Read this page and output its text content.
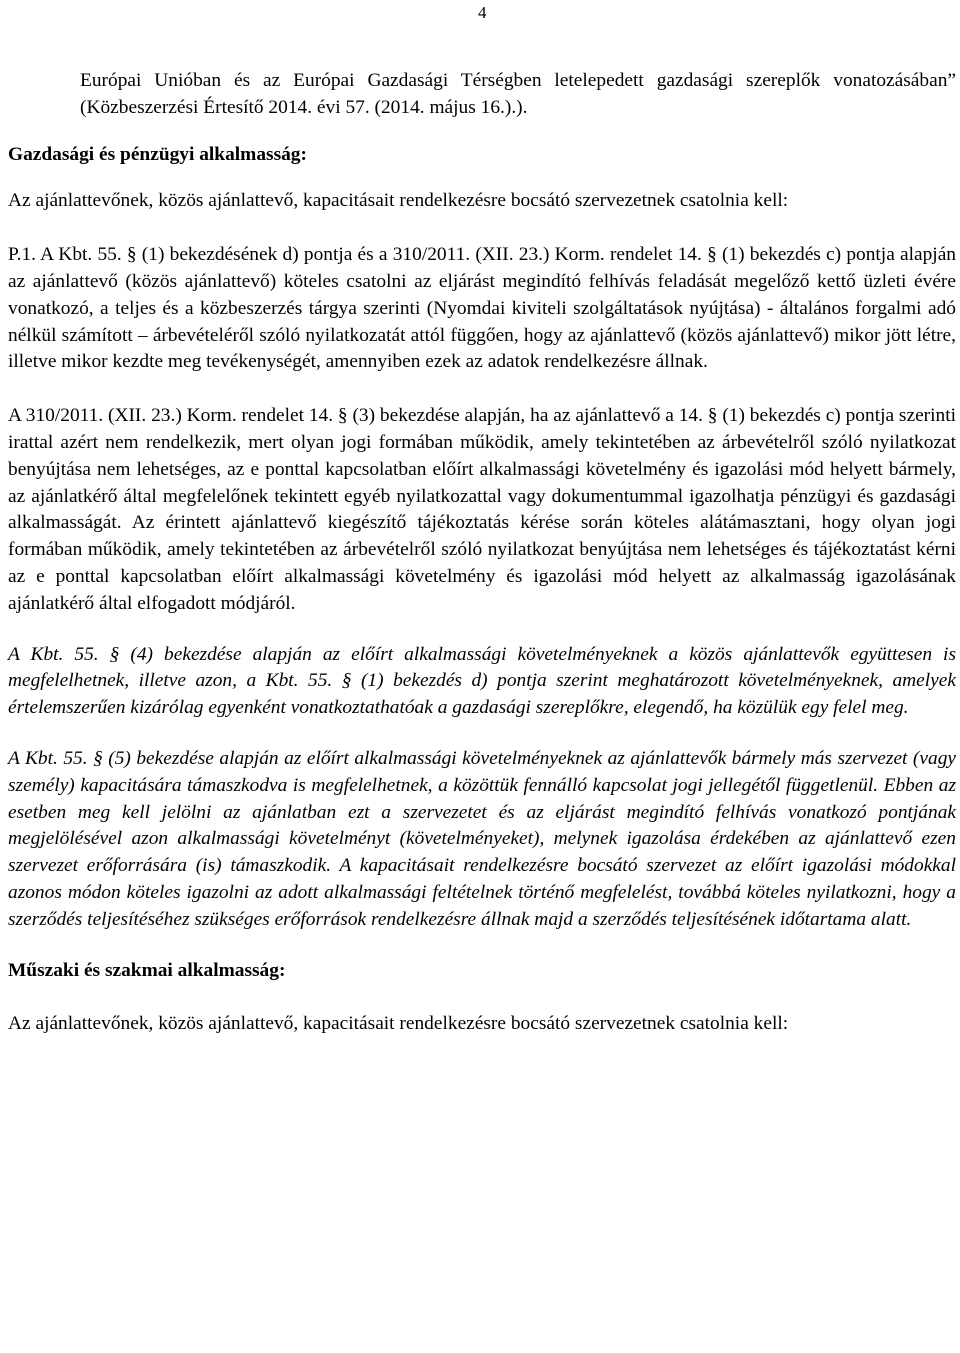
4

Európai Unióban és az Európai Gazdasági Térségben letelepedett gazdasági szereplők vonatozásában” (Közbeszerzési Értesítő 2014. évi 57. (2014. május 16.).).

Gazdasági és pénzügyi alkalmasság:

Az ajánlattevőnek, közös ajánlattevő, kapacitásait rendelkezésre bocsátó szervezetnek csatolnia kell:

P.1. A Kbt. 55. § (1) bekezdésének d) pontja és a 310/2011. (XII. 23.) Korm. rendelet 14. § (1) bekezdés c) pontja alapján az ajánlattevő (közös ajánlattevő) köteles csatolni az eljárást megindító felhívás feladását megelőző kettő üzleti évére vonatkozó, a teljes és a közbeszerzés tárgya szerinti (Nyomdai kiviteli szolgáltatások nyújtása) - általános forgalmi adó nélkül számított – árbevételéről szóló nyilatkozatát attól függően, hogy az ajánlattevő (közös ajánlattevő) mikor jött létre, illetve mikor kezdte meg tevékenységét, amennyiben ezek az adatok rendelkezésre állnak.

A 310/2011. (XII. 23.) Korm. rendelet 14. § (3) bekezdése alapján, ha az ajánlattevő a 14. § (1) bekezdés c) pontja szerinti irattal azért nem rendelkezik, mert olyan jogi formában működik, amely tekintetében az árbevételről szóló nyilatkozat benyújtása nem lehetséges, az e ponttal kapcsolatban előírt alkalmassági követelmény és igazolási mód helyett bármely, az ajánlatkérő által megfelelőnek tekintett egyéb nyilatkozattal vagy dokumentummal igazolhatja pénzügyi és gazdasági alkalmasságát. Az érintett ajánlattevő kiegészítő tájékoztatás kérése során köteles alátámasztani, hogy olyan jogi formában működik, amely tekintetében az árbevételről szóló nyilatkozat benyújtása nem lehetséges és tájékoztatást kérni az e ponttal kapcsolatban előírt alkalmassági követelmény és igazolási mód helyett az alkalmasság igazolásának ajánlatkérő által elfogadott módjáról.

A Kbt. 55. § (4) bekezdése alapján az előírt alkalmassági követelményeknek a közös ajánlattevők együttesen is megfelelhetnek, illetve azon, a Kbt. 55. § (1) bekezdés d) pontja szerint meghatározott követelményeknek, amelyek értelemszerűen kizárólag egyenként vonatkoztathatóak a gazdasági szereplőkre, elegendő, ha közülük egy felel meg.

A Kbt. 55. § (5) bekezdése alapján az előírt alkalmassági követelményeknek az ajánlattevők bármely más szervezet (vagy személy) kapacitására támaszkodva is megfelelhetnek, a közöttük fennálló kapcsolat jogi jellegétől függetlenül. Ebben az esetben meg kell jelölni az ajánlatban ezt a szervezetet és az eljárást megindító felhívás vonatkozó pontjának megjelölésével azon alkalmassági követelményt (követelményeket), melynek igazolása érdekében az ajánlattevő ezen szervezet erőforrására (is) támaszkodik. A kapacitásait rendelkezésre bocsátó szervezet az előírt igazolási módokkal azonos módon köteles igazolni az adott alkalmassági feltételnek történő megfelelést, továbbá köteles nyilatkozni, hogy a szerződés teljesítéséhez szükséges erőforrások rendelkezésre állnak majd a szerződés teljesítésének időtartama alatt.

Műszaki és szakmai alkalmasság:

Az ajánlattevőnek, közös ajánlattevő, kapacitásait rendelkezésre bocsátó szervezetnek csatolnia kell:
